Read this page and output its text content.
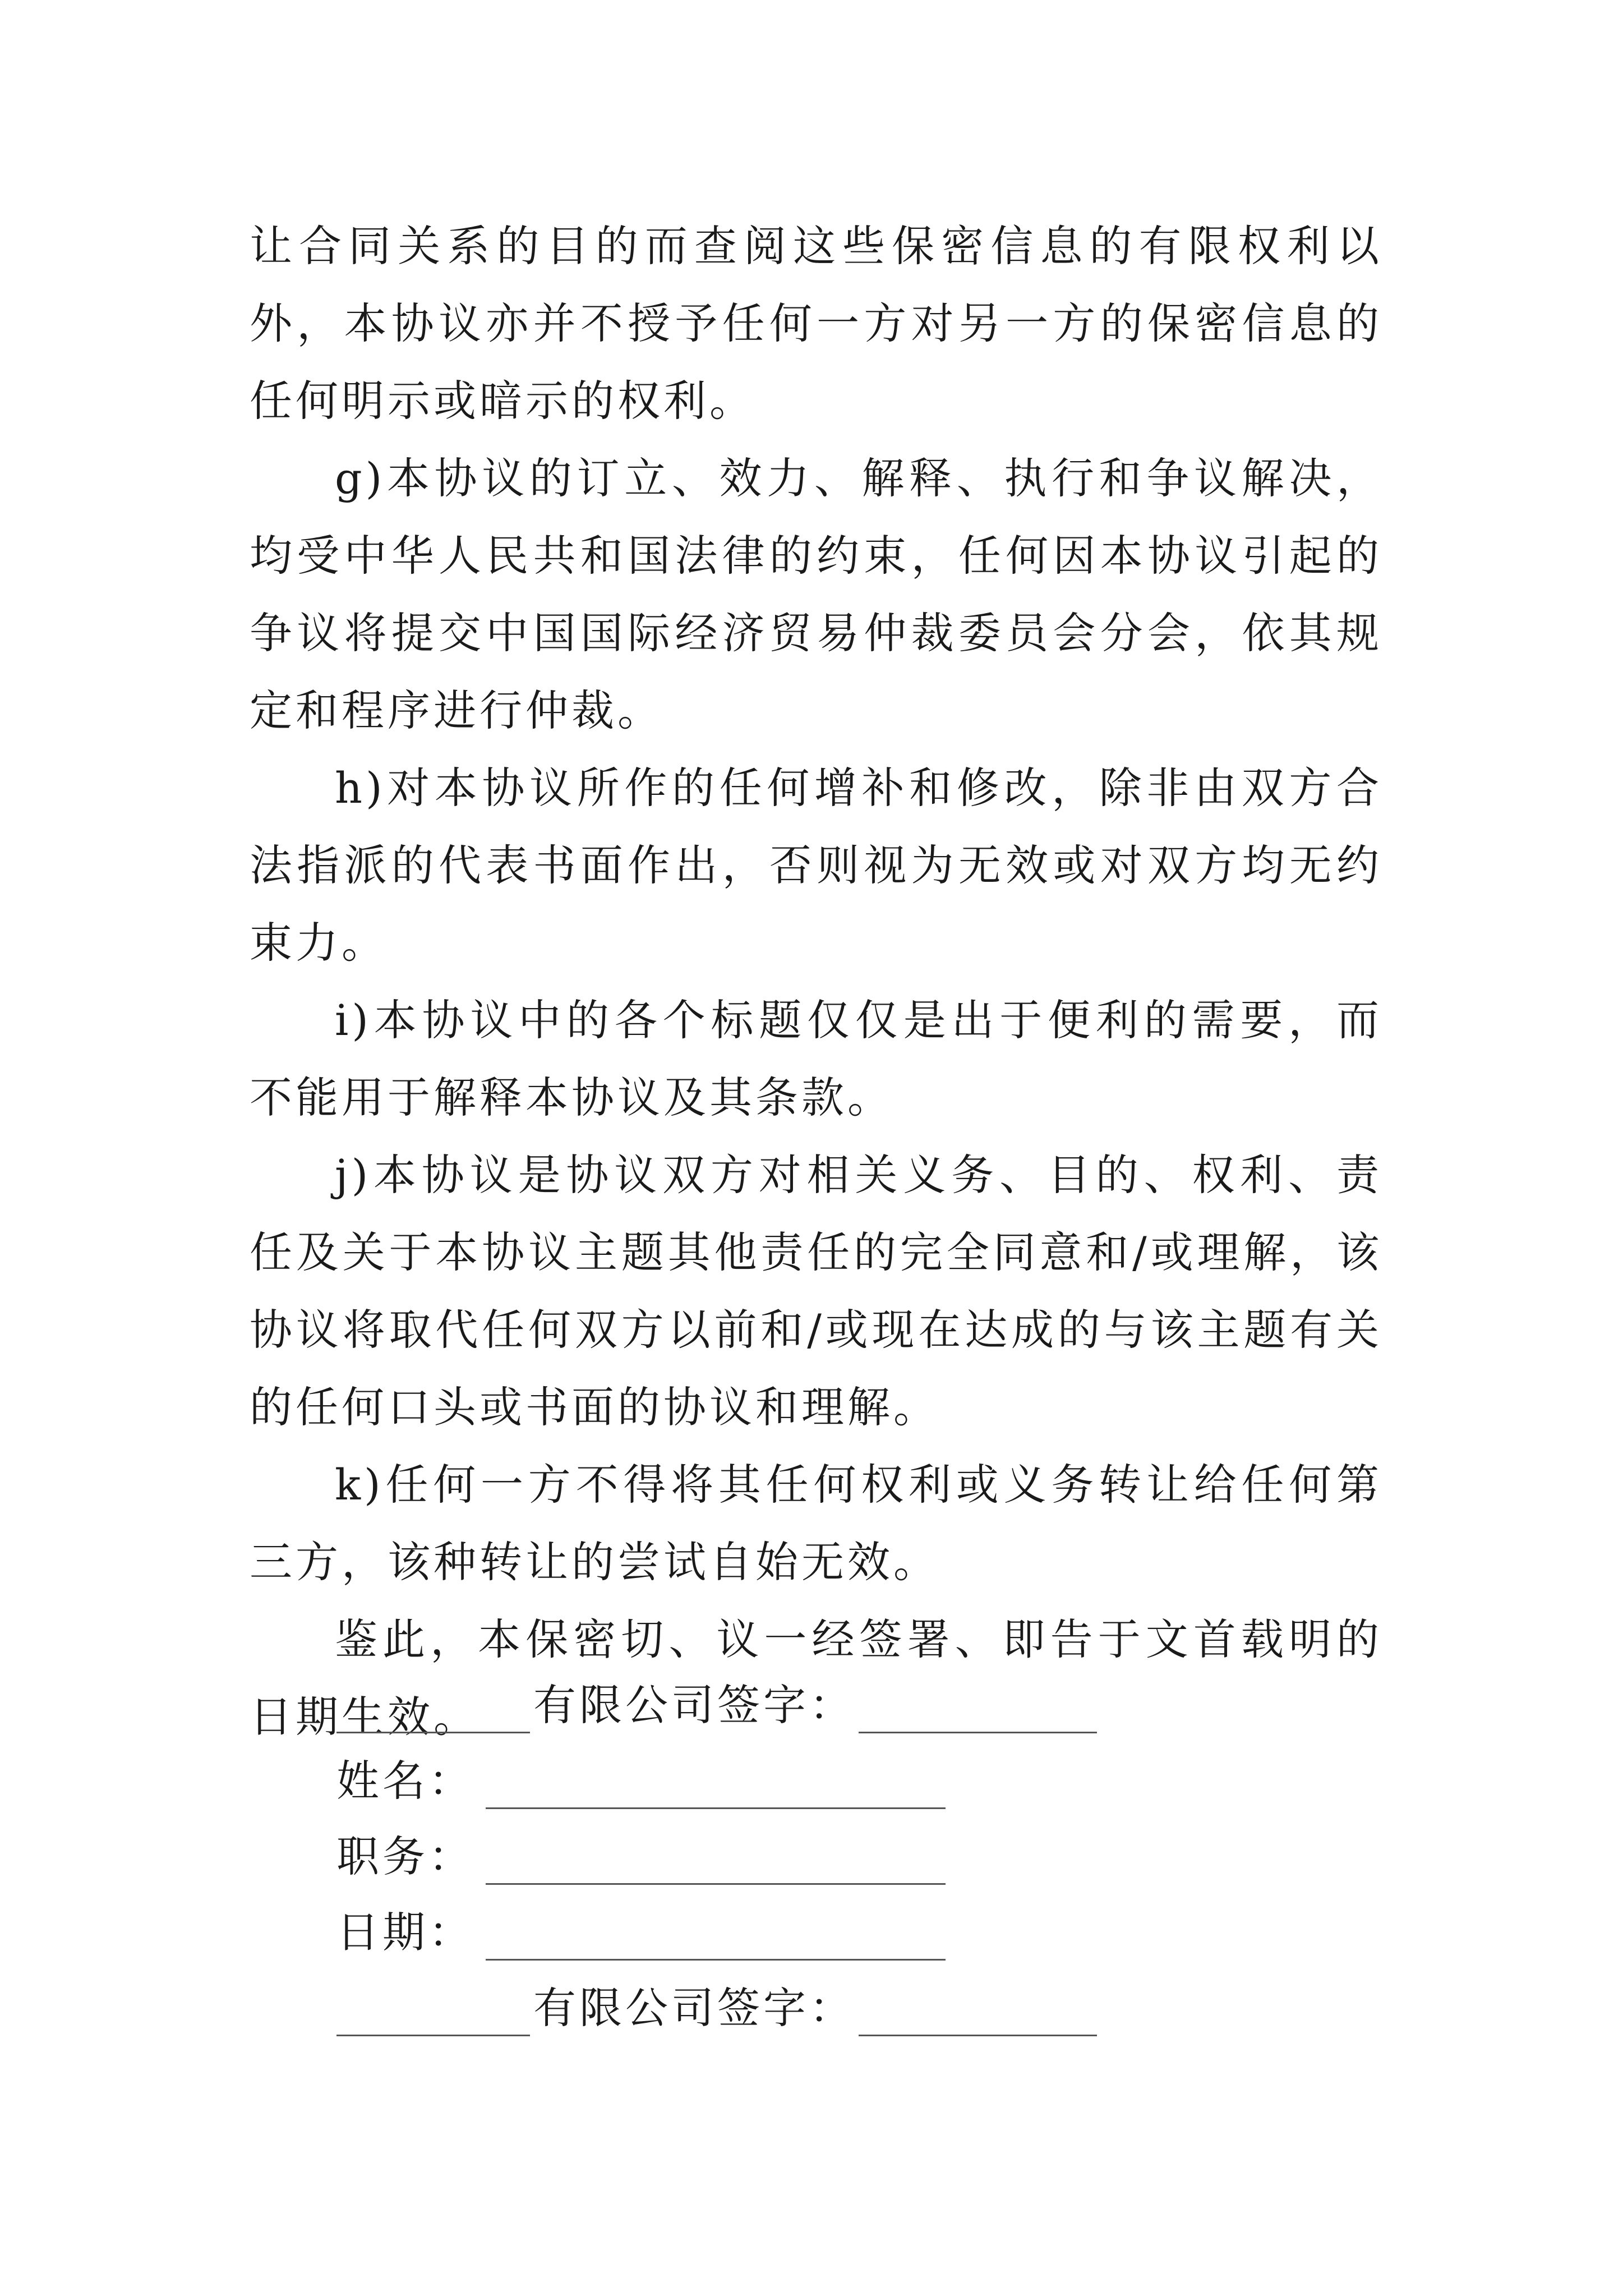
让合同关系的目的而查阅这些保密信息的有限权利以外，本协议亦并不授予任何一方对另一方的保密信息的任何明示或暗示的权利。

g)本协议的订立、效力、解释、执行和争议解决，均受中华人民共和国法律的约束，任何因本协议引起的争议将提交中国国际经济贸易仲裁委员会分会，依其规定和程序进行仲裁。

h)对本协议所作的任何增补和修改，除非由双方合法指派的代表书面作出，否则视为无效或对双方均无约束力。

i)本协议中的各个标题仅仅是出于便利的需要，而不能用于解释本协议及其条款。

j)本协议是协议双方对相关义务、目的、权利、责任及关于本协议主题其他责任的完全同意和/或理解，该协议将取代任何双方以前和/或现在达成的与该主题有关的任何口头或书面的协议和理解。

k)任何一方不得将其任何权利或义务转让给任何第三方，该种转让的尝试自始无效。

鉴此，本保密切、议一经签署、即告于文首载明的日期生效。	有限公司签字：
姓名：
职务：
日期：
有限公司签字：
